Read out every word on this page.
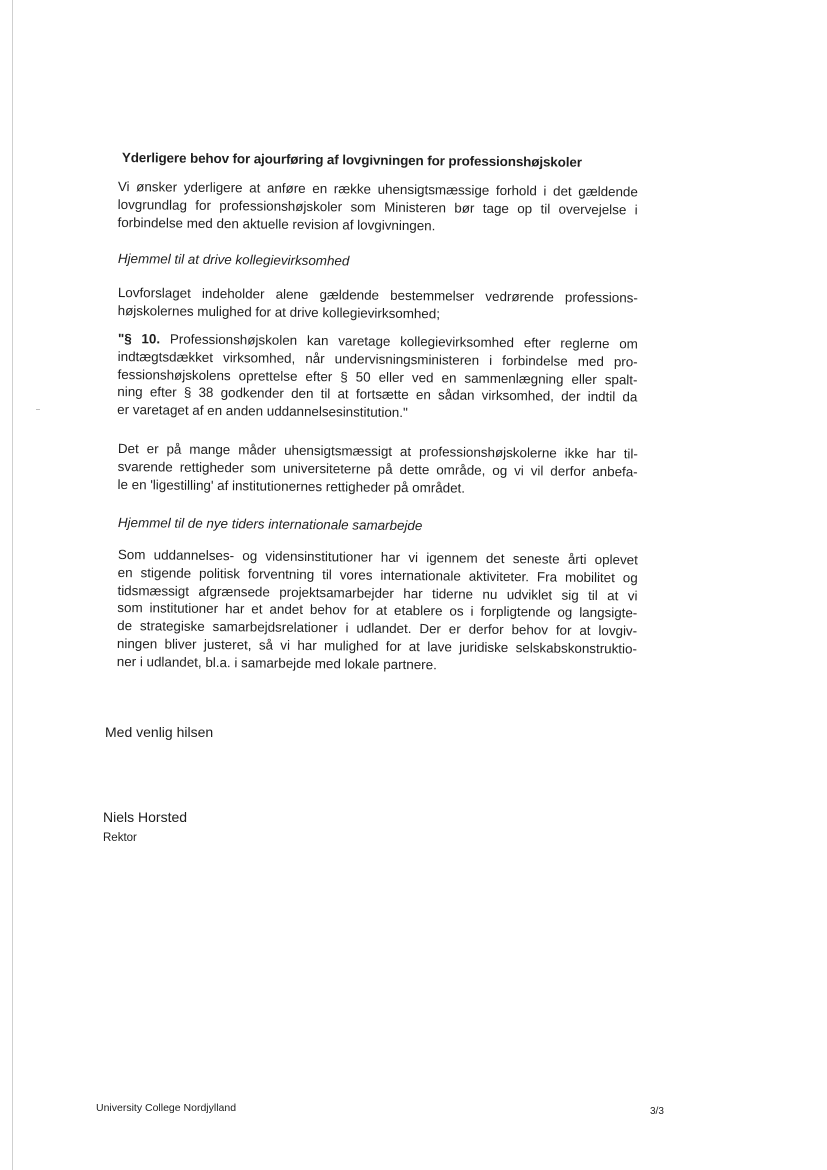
Yderligere behov for ajourføring af lovgivningen for professionshøjskoler
Vi ønsker yderligere at anføre en række uhensigtsmæssige forhold i det gældende
lovgrundlag for professionshøjskoler som Ministeren bør tage op til overvejelse i
forbindelse med den aktuelle revision af lovgivningen.
Hjemmel til at drive kollegievirksomhed
Lovforslaget indeholder alene gældende bestemmelser vedrørende professions-
højskolernes mulighed for at drive kollegievirksomhed;
"§ 10. Professionshøjskolen kan varetage kollegievirksomhed efter reglerne om
indtægtsdækket virksomhed, når undervisningsministeren i forbindelse med pro-
fessionshøjskolens oprettelse efter § 50 eller ved en sammenlægning eller spalt-
ning efter § 38 godkender den til at fortsætte en sådan virksomhed, der indtil da
er varetaget af en anden uddannelsesinstitution."
Det er på mange måder uhensigtsmæssigt at professionshøjskolerne ikke har til-
svarende rettigheder som universiteterne på dette område, og vi vil derfor anbefa-
le en 'ligestilling' af institutionernes rettigheder på området.
Hjemmel til de nye tiders internationale samarbejde
Som uddannelses- og vidensinstitutioner har vi igennem det seneste årti oplevet
en stigende politisk forventning til vores internationale aktiviteter. Fra mobilitet og
tidsmæssigt afgrænsede projektsamarbejder har tiderne nu udviklet sig til at vi
som institutioner har et andet behov for at etablere os i forpligtende og langsigte-
de strategiske samarbejdsrelationer i udlandet. Der er derfor behov for at lovgiv-
ningen bliver justeret, så vi har mulighed for at lave juridiske selskabskonstruktio-
ner i udlandet, bl.a. i samarbejde med lokale partnere.
Med venlig hilsen
Niels Horsted
Rektor
University College Nordjylland	3/3
